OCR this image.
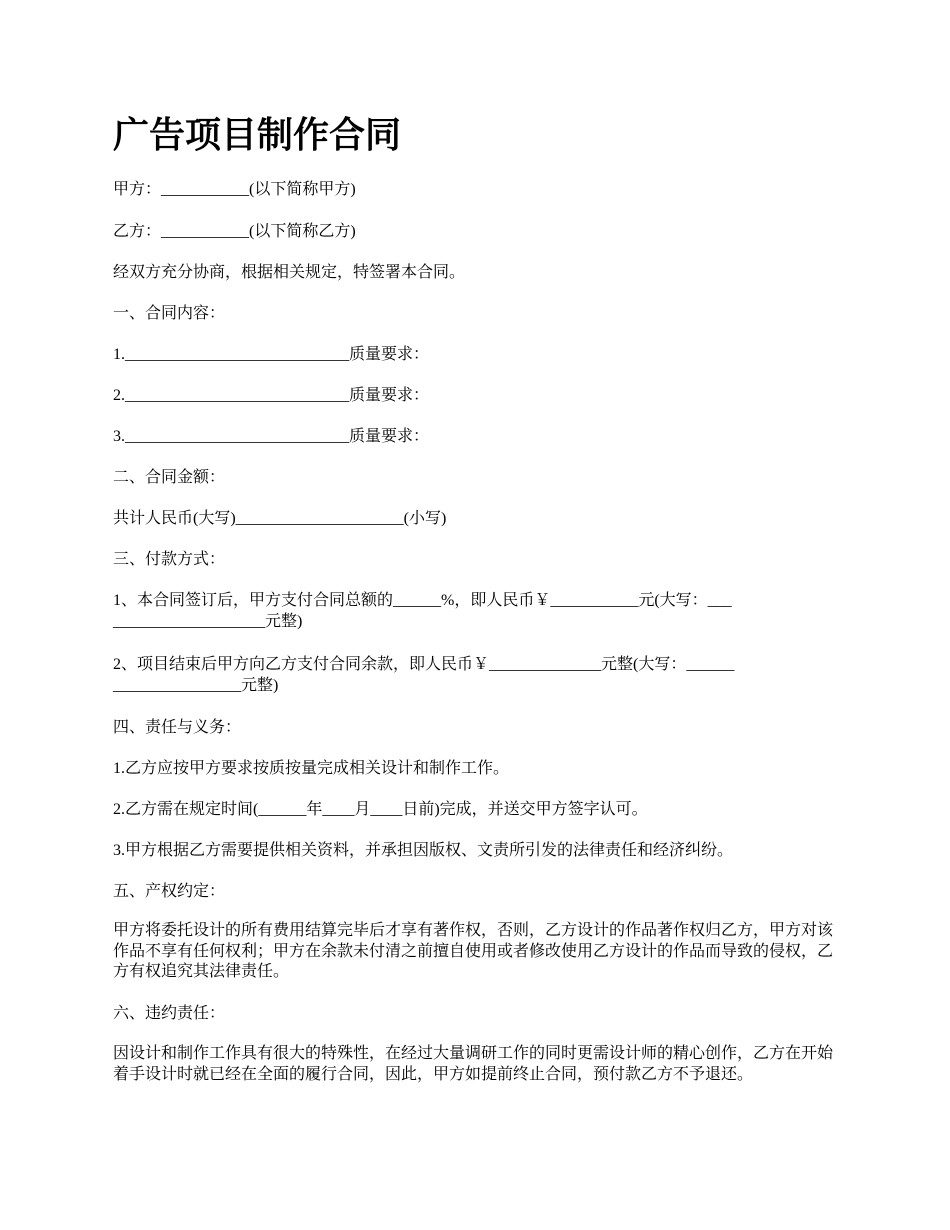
广告项目制作合同

甲方：___________(以下简称甲方)

乙方：___________(以下简称乙方)

经双方充分协商，根据相关规定，特签署本合同。

一、合同内容：

1.____________________________质量要求：

2.____________________________质量要求：

3.____________________________质量要求：

二、合同金额：

共计人民币(大写)_____________________(小写)

三、付款方式：

1、本合同签订后，甲方支付合同总额的______%，即人民币￥___________元(大写：___

___________________元整)

2、项目结束后甲方向乙方支付合同余款，即人民币￥______________元整(大写：______

________________元整)

四、责任与义务：

1.乙方应按甲方要求按质按量完成相关设计和制作工作。

2.乙方需在规定时间(______年____月____日前)完成，并送交甲方签字认可。

3.甲方根据乙方需要提供相关资料，并承担因版权、文责所引发的法律责任和经济纠纷。

五、产权约定：

甲方将委托设计的所有费用结算完毕后才享有著作权，否则，乙方设计的作品著作权归乙方，甲方对该作品不享有任何权利；甲方在余款未付清之前擅自使用或者修改使用乙方设计的作品而导致的侵权，乙方有权追究其法律责任。

六、违约责任：

因设计和制作工作具有很大的特殊性，在经过大量调研工作的同时更需设计师的精心创作，乙方在开始着手设计时就已经在全面的履行合同，因此，甲方如提前终止合同，预付款乙方不予退还。
